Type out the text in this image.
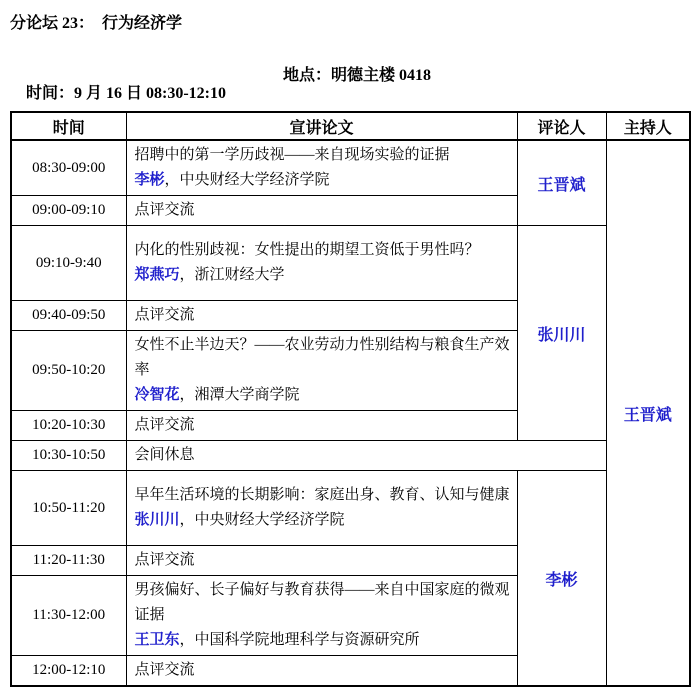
分论坛 23：  行为经济学

时间：9 月 16 日 08:30-12:10

地点：明德主楼 0418

时间	宣讲论文	评论人	主持人
08:30-09:00	招聘中的第一学历歧视——来自现场实验的证据
李彬，中央财经大学经济学院	王晋斌	王晋斌
09:00-09:10	点评交流		
09:10-9:40	内化的性别歧视：女性提出的期望工资低于男性吗？
郑燕巧，浙江财经大学	张川川	
09:40-09:50	点评交流		
09:50-10:20	女性不止半边天？——农业劳动力性别结构与粮食生产效率
冷智花，湘潭大学商学院		

10:20-10:30	点评交流		
10:30-10:50	会间休息		
10:50-11:20	早年生活环境的长期影响：家庭出身、教育、认知与健康
张川川，中央财经大学经济学院	李彬	
11:20-11:30	点评交流		
11:30-12:00	男孩偏好、长子偏好与教育获得——来自中国家庭的微观证据
王卫东，中国科学院地理科学与资源研究所		

12:00-12:10	点评交流		
